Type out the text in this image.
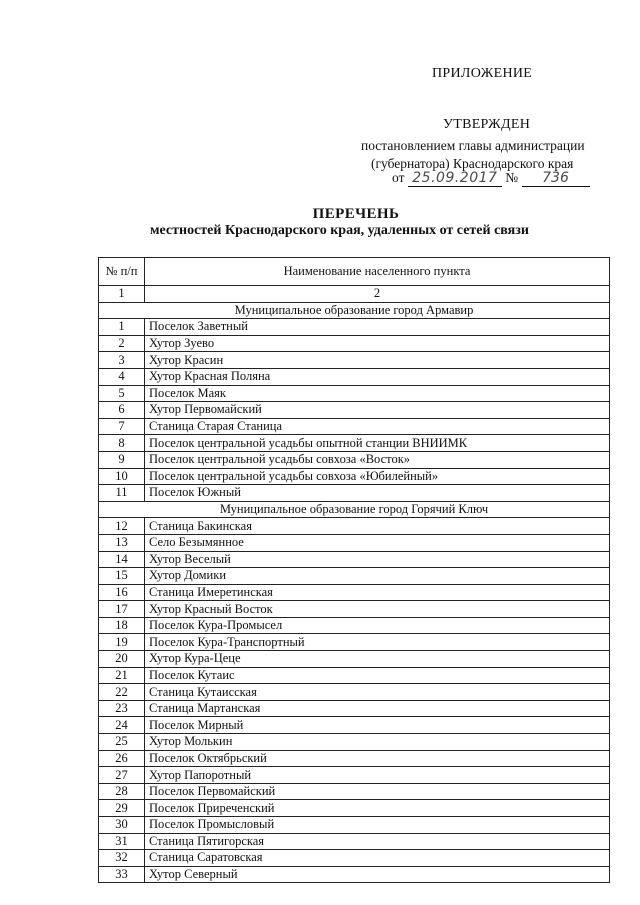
ПРИЛОЖЕНИЕ
УТВЕРЖДЕН
постановлением главы администрации
(губернатора) Краснодарского края
от 25.09.2017 № 736
ПЕРЕЧЕНЬ
местностей Краснодарского края, удаленных от сетей связи
№ п/п	Наименование населенного пункта
1	2
Муниципальное образование город Армавир	
1	Поселок Заветный
2	Хутор Зуево
3	Хутор Красин
4	Хутор Красная Поляна
5	Поселок Маяк
6	Хутор Первомайский
7	Станица Старая Станица
8	Поселок центральной усадьбы опытной станции ВНИИМК
9	Поселок центральной усадьбы совхоза «Восток»
10	Поселок центральной усадьбы совхоза «Юбилейный»
11	Поселок Южный
Муниципальное образование город Горячий Ключ	
12	Станица Бакинская
13	Село Безымянное
14	Хутор Веселый
15	Хутор Домики
16	Станица Имеретинская
17	Хутор Красный Восток
18	Поселок Кура-Промысел
19	Поселок Кура-Транспортный
20	Хутор Кура-Цеце
21	Поселок Кутаис
22	Станица Кутаисская
23	Станица Мартанская
24	Поселок Мирный
25	Хутор Молькин
26	Поселок Октябрьский
27	Хутор Папоротный
28	Поселок Первомайский
29	Поселок Приреченский
30	Поселок Промысловый
31	Станица Пятигорская
32	Станица Саратовская
33	Хутор Северный
